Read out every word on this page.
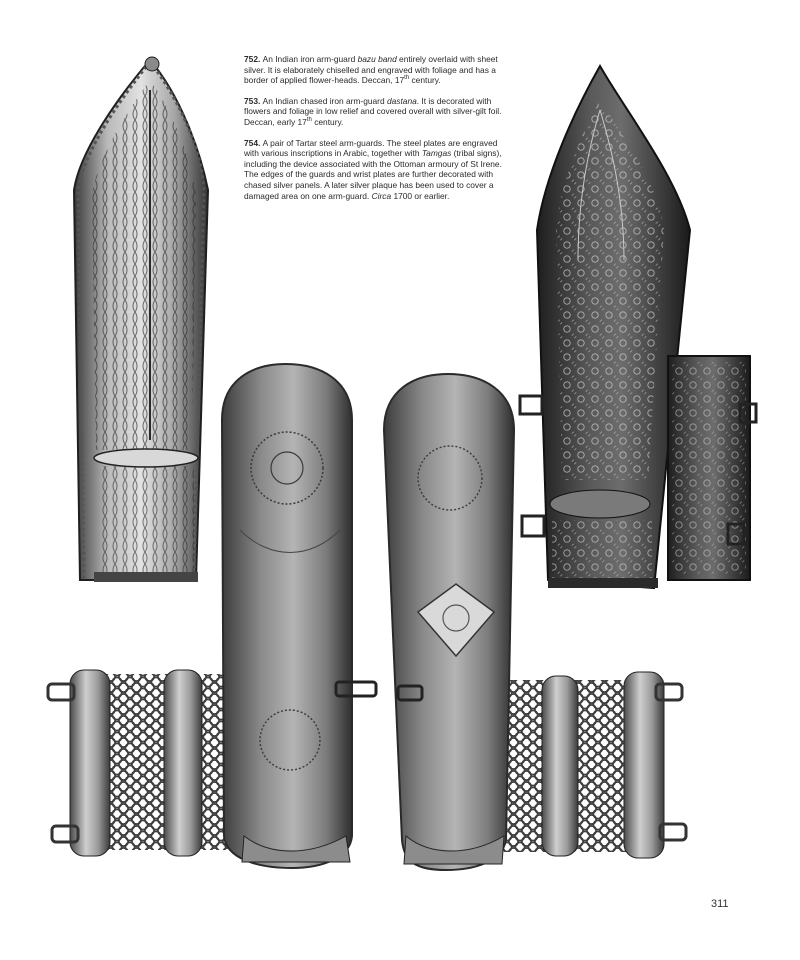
752. An Indian iron arm-guard bazu band entirely overlaid with sheet silver. It is elaborately chiselled and engraved with foliage and has a border of applied flower-heads. Deccan, 17th century.

753. An Indian chased iron arm-guard dastana. It is decorated with flowers and foliage in low relief and covered overall with silver-gilt foil. Deccan, early 17th century.

754. A pair of Tartar steel arm-guards. The steel plates are engraved with various inscriptions in Arabic, together with Tamgas (tribal signs), including the device associated with the Ottoman armoury of St Irene. The edges of the guards and wrist plates are further decorated with chased silver panels. A later silver plaque has been used to cover a damaged area on one arm-guard. Circa 1700 or earlier.

311
